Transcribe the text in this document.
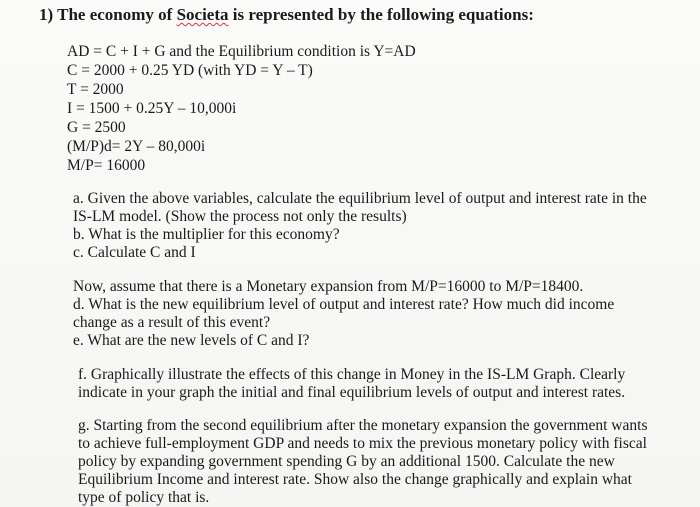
1) The economy of Societa is represented by the following equations:
AD = C + I + G and the Equilibrium condition is Y=AD
C = 2000 + 0.25 YD (with YD = Y – T)
T = 2000
I = 1500 + 0.25Y – 10,000i
G = 2500
(M/P)d= 2Y – 80,000i
M/P= 16000
a. Given the above variables, calculate the equilibrium level of output and interest rate in the
IS-LM model. (Show the process not only the results)
b. What is the multiplier for this economy?
c. Calculate C and I
Now, assume that there is a Monetary expansion from M/P=16000 to M/P=18400.
d. What is the new equilibrium level of output and interest rate? How much did income
change as a result of this event?
e. What are the new levels of C and I?
f. Graphically illustrate the effects of this change in Money in the IS-LM Graph. Clearly
indicate in your graph the initial and final equilibrium levels of output and interest rates.
g. Starting from the second equilibrium after the monetary expansion the government wants
to achieve full-employment GDP and needs to mix the previous monetary policy with fiscal
policy by expanding government spending G by an additional 1500. Calculate the new
Equilibrium Income and interest rate. Show also the change graphically and explain what
type of policy that is.
